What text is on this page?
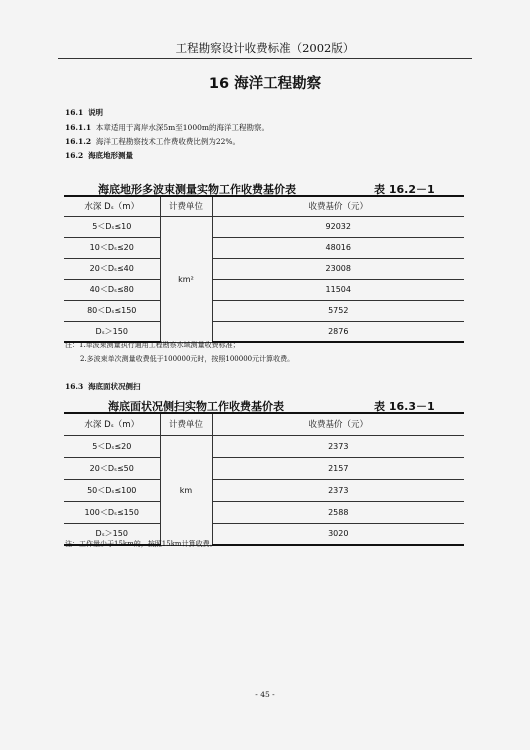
工程勘察设计收费标准（2002版）
16 海洋工程勘察
16.1 说明
16.1.1 本章适用于离岸水深5m至1000m的海洋工程勘察。
16.1.2 海洋工程勘察技术工作费收费比例为22%。
16.2 海底地形测量
海底地形多波束测量实物工作收费基价表	表 16.2－1
水深 Dₛ（m）	计费单位	收费基价（元）
5＜Dₛ≤10	km²	92032
10＜Dₛ≤20		48016
20＜Dₛ≤40		23008
40＜Dₛ≤80		11504
80＜Dₛ≤150		5752
Dₛ＞150		2876
注：1.单波束测量执行通用工程勘察水域测量收费标准；
2.多波束单次测量收费低于100000元时，按照100000元计算收费。
16.3 海底面状况侧扫
海底面状况侧扫实物工作收费基价表	表 16.3－1
水深 Dₛ（m）	计费单位	收费基价（元）
5＜Dₛ≤20	km	2373
20＜Dₛ≤50		2157
50＜Dₛ≤100		2373
100＜Dₛ≤150		2588
Dₛ＞150		3020
注：工作量少于15km的，按照15km计算收费。
- 45 -
